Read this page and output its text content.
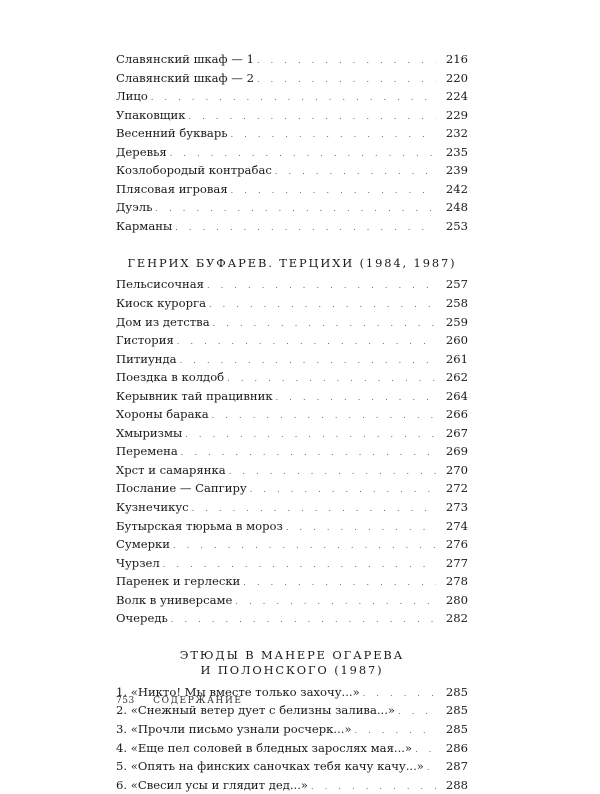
Славянский шкаф — 1 . . .	216
Славянский шкаф — 2 . . .	220
Лицо . . .	224
Упаковщик . . .	229
Весенний букварь . . .	232
Деревья . . .	235
Козлобородый контрабас . . .	239
Плясовая игровая . . .	242
Дуэль . . .	248
Карманы . . .	253
ГЕНРИХ БУФАРЕВ. ТЕРЦИХИ (1984, 1987)
Пельсисочная . . .	257
Киоск курорга . . .	258
Дом из детства . . .	259
Гистория . . .	260
Питиунда . . .	261
Поездка в колдоб . . .	262
Керывник тай працивник . . .	264
Хороны барака . . .	266
Хмыризмы . . .	267
Перемена . . .	269
Хрст и самарянка . . .	270
Послание — Сапгиру . . .	272
Кузнечикус . . .	273
Бутырская тюрьма в мороз . . .	274
Сумерки . . .	276
Чурзел . . .	277
Паренек и герлески . . .	278
Волк в универсаме . . .	280
Очередь . . .	282
ЭТЮДЫ В МАНЕРЕ ОГАРЕВА
И ПОЛОНСКОГО (1987)
1. «Никто! Мы вместе только захочу...» . . .	285
2. «Снежный ветер дует с белизны залива...» . . .	285
3. «Прочли письмо узнали росчерк...» . . .	285
4. «Еще пел соловей в бледных зарослях мая...» . . .	286
5. «Опять на финских саночках тебя качу качу...» . . .	287
6. «Свесил усы и глядит дед...» . . .	288
753 СОДЕРЖАНИЕ
